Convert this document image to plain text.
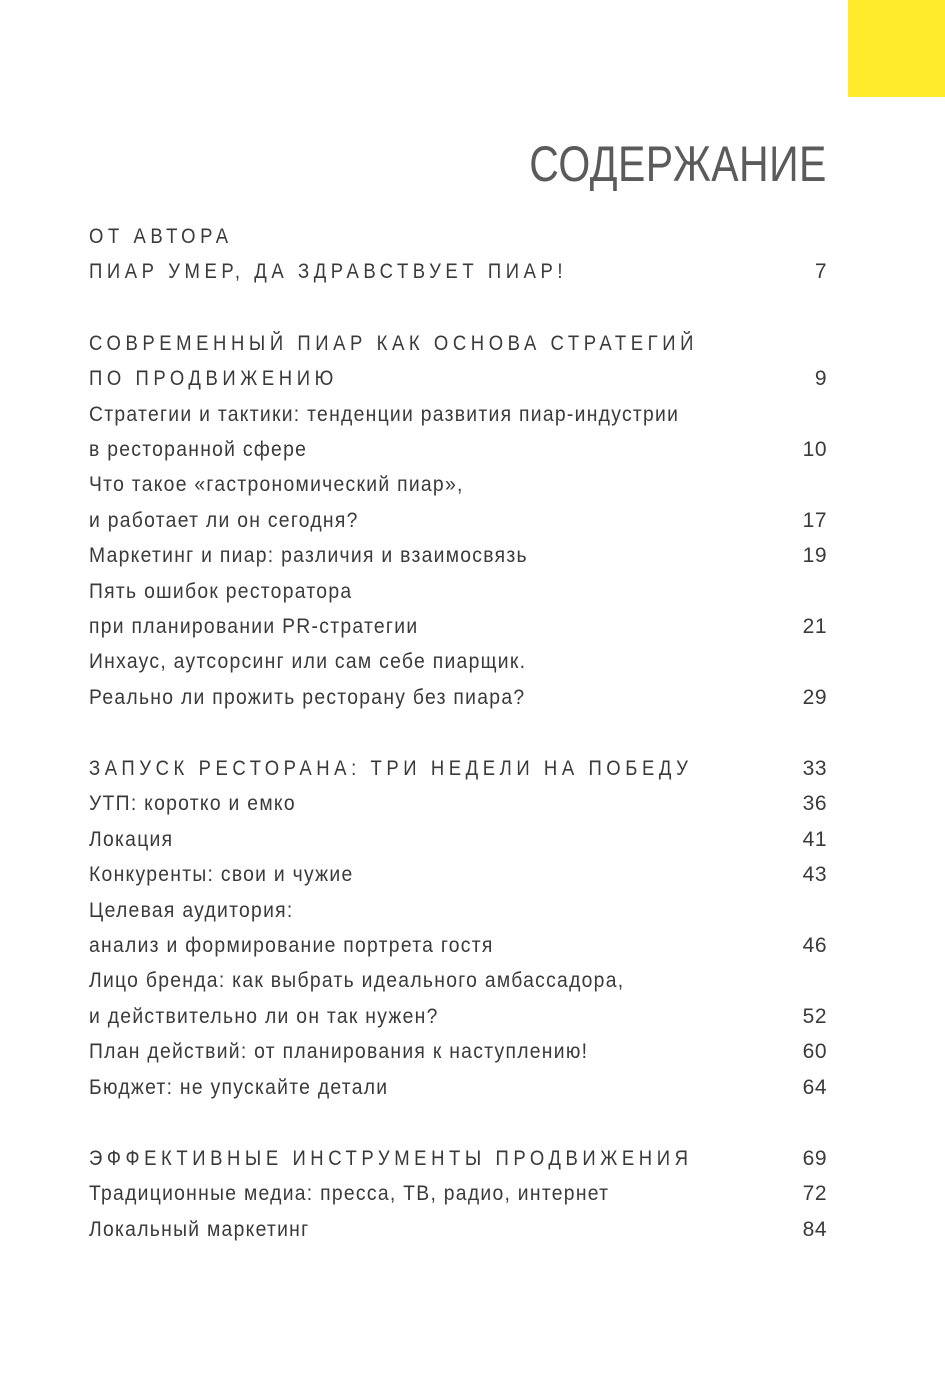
СОДЕРЖАНИЕ
ОТ АВТОРА
ПИАР УМЕР, ДА ЗДРАВСТВУЕТ ПИАР!	7
СОВРЕМЕННЫЙ ПИАР КАК ОСНОВА СТРАТЕГИЙ
ПО ПРОДВИЖЕНИЮ	9
Стратегии и тактики: тенденции развития пиар-индустрии
в ресторанной сфере	10
Что такое «гастрономический пиар»,
и работает ли он сегодня?	17
Маркетинг и пиар: различия и взаимосвязь	19
Пять ошибок ресторатора
при планировании PR-стратегии	21
Инхаус, аутсорсинг или сам себе пиарщик.
Реально ли прожить ресторану без пиара?	29
ЗАПУСК РЕСТОРАНА: ТРИ НЕДЕЛИ НА ПОБЕДУ	33
УТП: коротко и емко	36
Локация	41
Конкуренты: свои и чужие	43
Целевая аудитория:
анализ и формирование портрета гостя	46
Лицо бренда: как выбрать идеального амбассадора,
и действительно ли он так нужен?	52
План действий: от планирования к наступлению!	60
Бюджет: не упускайте детали	64
ЭФФЕКТИВНЫЕ ИНСТРУМЕНТЫ ПРОДВИЖЕНИЯ	69
Традиционные медиа: пресса, ТВ, радио, интернет	72
Локальный маркетинг	84
